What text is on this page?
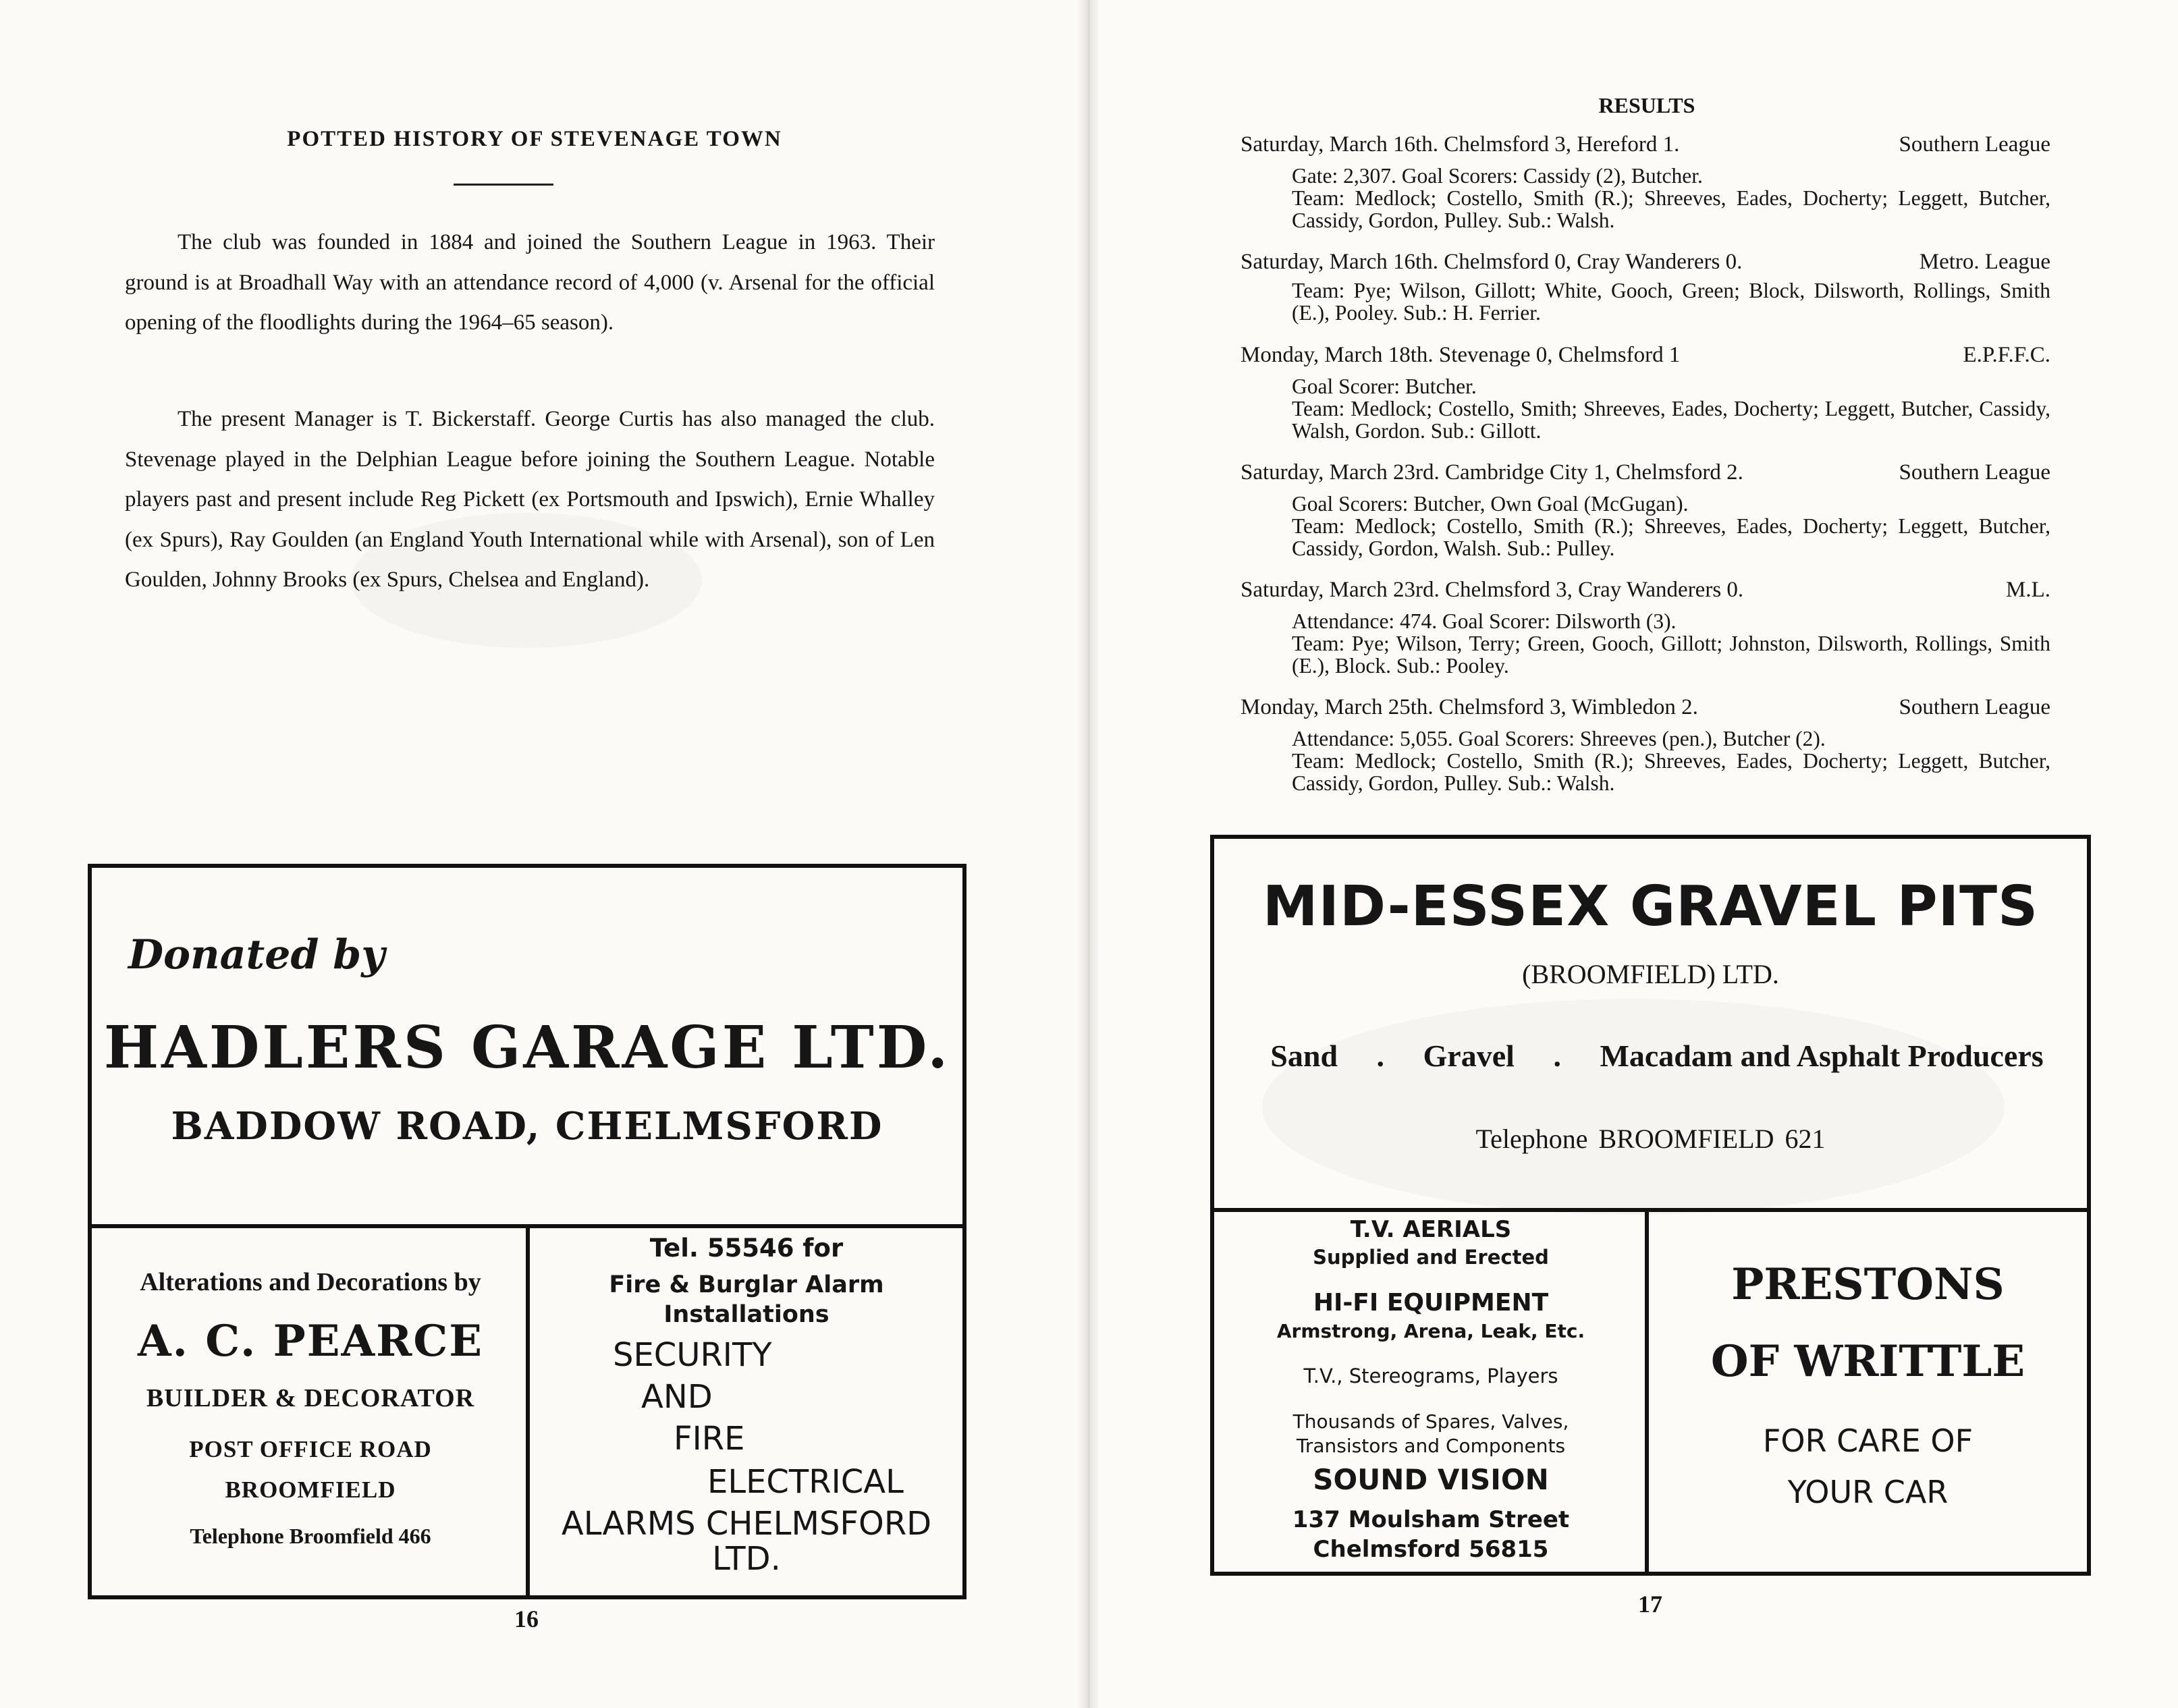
POTTED HISTORY OF STEVENAGE TOWN
The club was founded in 1884 and joined the Southern League in 1963. Their ground is at Broadhall Way with an attendance record of 4,000 (v. Arsenal for the official opening of the floodlights during the 1964–65 season).
The present Manager is T. Bickerstaff. George Curtis has also managed the club. Stevenage played in the Delphian League before joining the Southern League. Notable players past and present include Reg Pickett (ex Portsmouth and Ipswich), Ernie Whalley (ex Spurs), Ray Goulden (an England Youth International while with Arsenal), son of Len Goulden, Johnny Brooks (ex Spurs, Chelsea and England).
Donated by
HADLERS GARAGE LTD.
BADDOW ROAD, CHELMSFORD
Alterations and Decorations by
A. C. PEARCE
BUILDER & DECORATOR
POST OFFICE ROAD
BROOMFIELD
Telephone Broomfield 466
Tel. 55546 for
Fire & Burglar Alarm
Installations
SECURITY
AND
FIRE
ELECTRICAL
ALARMS CHELMSFORD
LTD.
16
RESULTS
Saturday, March 16th. Chelmsford 3, Hereford 1.	Southern League
Gate: 2,307. Goal Scorers: Cassidy (2), Butcher.
Team: Medlock; Costello, Smith (R.); Shreeves, Eades, Docherty; Leggett, Butcher, Cassidy, Gordon, Pulley. Sub.: Walsh.
Saturday, March 16th. Chelmsford 0, Cray Wanderers 0.	Metro. League
Team: Pye; Wilson, Gillott; White, Gooch, Green; Block, Dilsworth, Rollings, Smith (E.), Pooley. Sub.: H. Ferrier.
Monday, March 18th. Stevenage 0, Chelmsford 1	E.P.F.F.C.
Goal Scorer: Butcher.
Team: Medlock; Costello, Smith; Shreeves, Eades, Docherty; Leggett, Butcher, Cassidy, Walsh, Gordon. Sub.: Gillott.
Saturday, March 23rd. Cambridge City 1, Chelmsford 2.	Southern League
Goal Scorers: Butcher, Own Goal (McGugan).
Team: Medlock; Costello, Smith (R.); Shreeves, Eades, Docherty; Leggett, Butcher, Cassidy, Gordon, Walsh. Sub.: Pulley.
Saturday, March 23rd. Chelmsford 3, Cray Wanderers 0.	M.L.
Attendance: 474. Goal Scorer: Dilsworth (3).
Team: Pye; Wilson, Terry; Green, Gooch, Gillott; Johnston, Dilsworth, Rollings, Smith (E.), Block. Sub.: Pooley.
Monday, March 25th. Chelmsford 3, Wimbledon 2.	Southern League
Attendance: 5,055. Goal Scorers: Shreeves (pen.), Butcher (2).
Team: Medlock; Costello, Smith (R.); Shreeves, Eades, Docherty; Leggett, Butcher, Cassidy, Gordon, Pulley. Sub.: Walsh.
MID-ESSEX GRAVEL PITS
(BROOMFIELD) LTD.
Sand . Gravel . Macadam and Asphalt Producers
Telephone BROOMFIELD 621
T.V. AERIALS
Supplied and Erected
HI-FI EQUIPMENT
Armstrong, Arena, Leak, Etc.
T.V., Stereograms, Players
Thousands of Spares, Valves,
Transistors and Components
SOUND VISION
137 Moulsham Street
Chelmsford 56815
PRESTONS
OF WRITTLE
FOR CARE OF
YOUR CAR
17
